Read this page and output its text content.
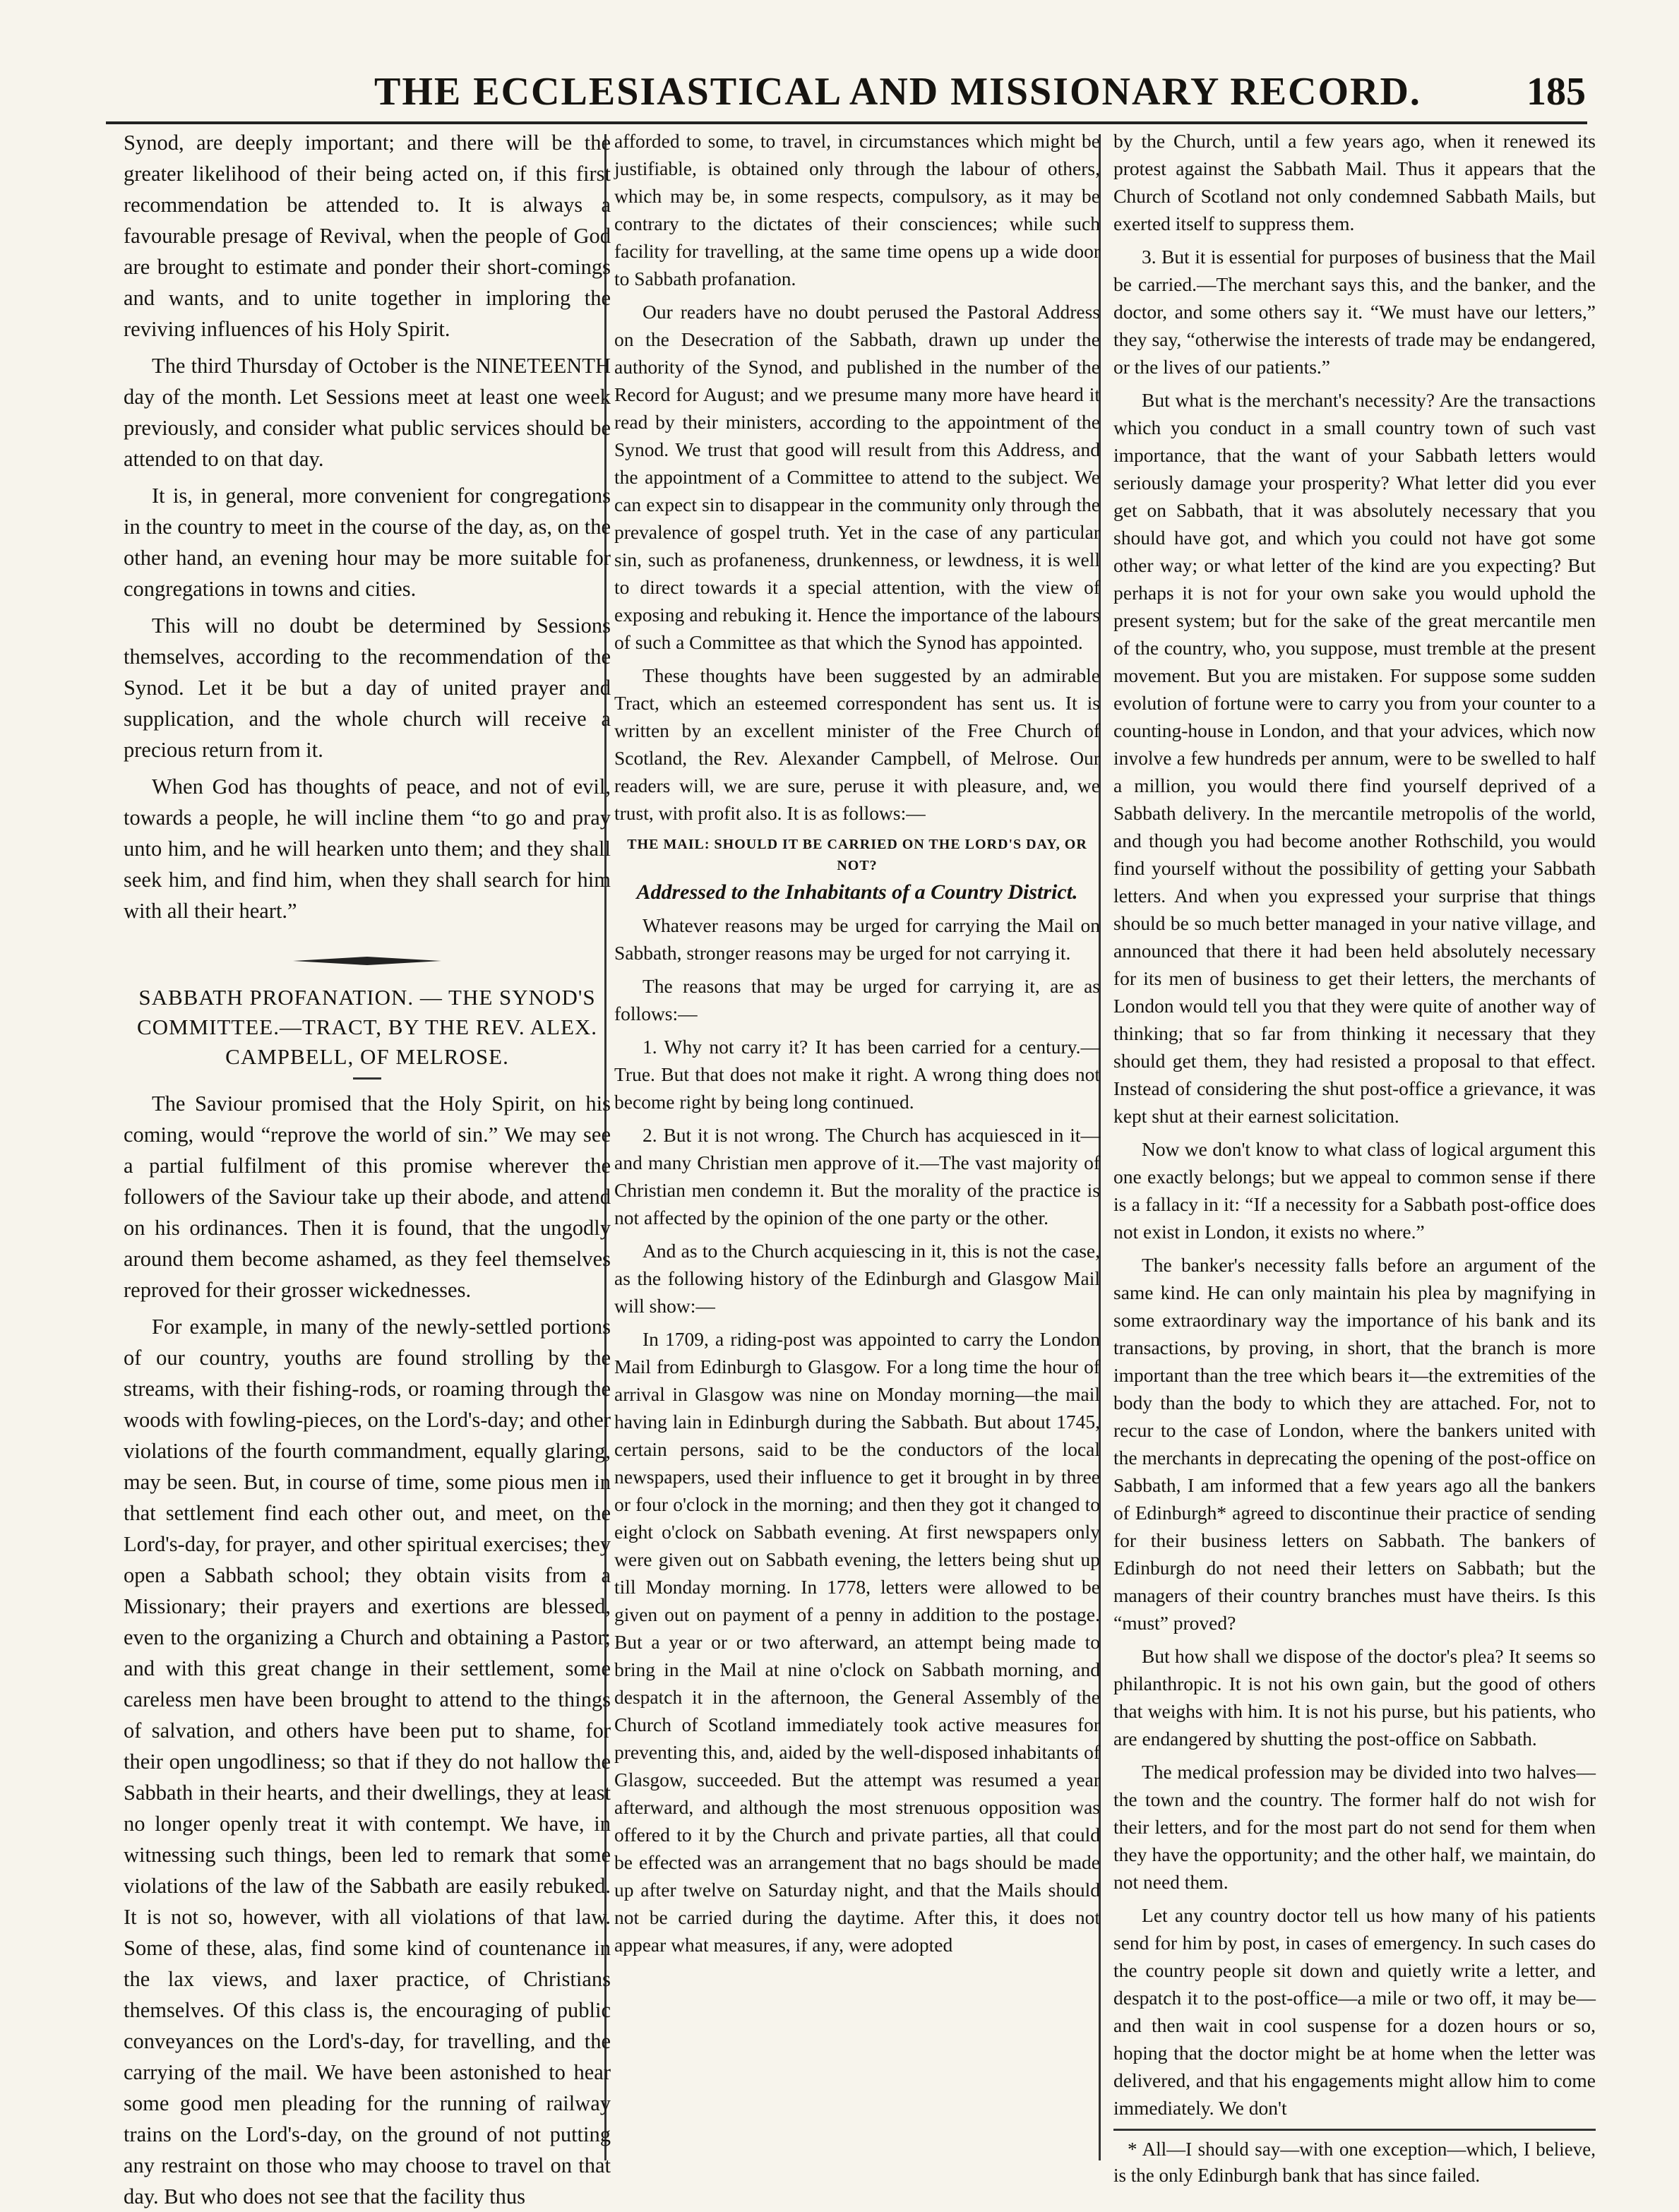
THE ECCLESIASTICAL AND MISSIONARY RECORD.	185

Synod, are deeply important; and there will be the greater likelihood of their being acted on, if this first recommendation be attended to. It is always a favourable presage of Revival, when the people of God are brought to estimate and ponder their short-comings and wants, and to unite together in imploring the reviving influences of his Holy Spirit.

The third Thursday of October is the NINETEENTH day of the month. Let Sessions meet at least one week previously, and consider what public services should be attended to on that day.

It is, in general, more convenient for congregations in the country to meet in the course of the day, as, on the other hand, an evening hour may be more suitable for congregations in towns and cities.

This will no doubt be determined by Sessions themselves, according to the recommendation of the Synod. Let it be but a day of united prayer and supplication, and the whole church will receive a precious return from it.

When God has thoughts of peace, and not of evil, towards a people, he will incline them “to go and pray unto him, and he will hearken unto them; and they shall seek him, and find him, when they shall search for him with all their heart.”

SABBATH PROFANATION. — THE SYNOD'S COMMITTEE.—TRACT, BY THE REV. ALEX. CAMPBELL, OF MELROSE.

The Saviour promised that the Holy Spirit, on his coming, would “reprove the world of sin.” We may see a partial fulfilment of this promise wherever the followers of the Saviour take up their abode, and attend on his ordinances. Then it is found, that the ungodly around them become ashamed, as they feel themselves reproved for their grosser wickednesses.

For example, in many of the newly-settled portions of our country, youths are found strolling by the streams, with their fishing-rods, or roaming through the woods with fowling-pieces, on the Lord's-day; and other violations of the fourth commandment, equally glaring, may be seen. But, in course of time, some pious men in that settlement find each other out, and meet, on the Lord's-day, for prayer, and other spiritual exercises; they open a Sabbath school; they obtain visits from a Missionary; their prayers and exertions are blessed, even to the organizing a Church and obtaining a Pastor; and with this great change in their settlement, some careless men have been brought to attend to the things of salvation, and others have been put to shame, for their open ungodliness; so that if they do not hallow the Sabbath in their hearts, and their dwellings, they at least no longer openly treat it with contempt. We have, in witnessing such things, been led to remark that some violations of the law of the Sabbath are easily rebuked. It is not so, however, with all violations of that law. Some of these, alas, find some kind of countenance in the lax views, and laxer practice, of Christians themselves. Of this class is, the encouraging of public conveyances on the Lord's-day, for travelling, and the carrying of the mail. We have been astonished to hear some good men pleading for the running of railway trains on the Lord's-day, on the ground of not putting any restraint on those who may choose to travel on that day. But who does not see that the facility thus

afforded to some, to travel, in circumstances which might be justifiable, is obtained only through the labour of others, which may be, in some respects, compulsory, as it may be contrary to the dictates of their consciences; while such facility for travelling, at the same time opens up a wide door to Sabbath profanation.

Our readers have no doubt perused the Pastoral Address on the Desecration of the Sabbath, drawn up under the authority of the Synod, and published in the number of the Record for August; and we presume many more have heard it read by their ministers, according to the appointment of the Synod. We trust that good will result from this Address, and the appointment of a Committee to attend to the subject. We can expect sin to disappear in the community only through the prevalence of gospel truth. Yet in the case of any particular sin, such as profaneness, drunkenness, or lewdness, it is well to direct towards it a special attention, with the view of exposing and rebuking it. Hence the importance of the labours of such a Committee as that which the Synod has appointed.

These thoughts have been suggested by an admirable Tract, which an esteemed correspondent has sent us. It is written by an excellent minister of the Free Church of Scotland, the Rev. Alexander Campbell, of Melrose. Our readers will, we are sure, peruse it with pleasure, and, we trust, with profit also. It is as follows:—

THE MAIL: SHOULD IT BE CARRIED ON THE LORD'S DAY, OR NOT?
Addressed to the Inhabitants of a Country District.

Whatever reasons may be urged for carrying the Mail on Sabbath, stronger reasons may be urged for not carrying it.

The reasons that may be urged for carrying it, are as follows:—

1. Why not carry it? It has been carried for a century.—True. But that does not make it right. A wrong thing does not become right by being long continued.

2. But it is not wrong. The Church has acquiesced in it—and many Christian men approve of it.—The vast majority of Christian men condemn it. But the morality of the practice is not affected by the opinion of the one party or the other.

And as to the Church acquiescing in it, this is not the case, as the following history of the Edinburgh and Glasgow Mail will show:—

In 1709, a riding-post was appointed to carry the London Mail from Edinburgh to Glasgow. For a long time the hour of arrival in Glasgow was nine on Monday morning—the mail having lain in Edinburgh during the Sabbath. But about 1745, certain persons, said to be the conductors of the local newspapers, used their influence to get it brought in by three or four o'clock in the morning; and then they got it changed to eight o'clock on Sabbath evening. At first newspapers only were given out on Sabbath evening, the letters being shut up till Monday morning. In 1778, letters were allowed to be given out on payment of a penny in addition to the postage. But a year or or two afterward, an attempt being made to bring in the Mail at nine o'clock on Sabbath morning, and despatch it in the afternoon, the General Assembly of the Church of Scotland immediately took active measures for preventing this, and, aided by the well-disposed inhabitants of Glasgow, succeeded. But the attempt was resumed a year afterward, and although the most strenuous opposition was offered to it by the Church and private parties, all that could be effected was an arrangement that no bags should be made up after twelve on Saturday night, and that the Mails should not be carried during the daytime. After this, it does not appear what measures, if any, were adopted

by the Church, until a few years ago, when it renewed its protest against the Sabbath Mail. Thus it appears that the Church of Scotland not only condemned Sabbath Mails, but exerted itself to suppress them.

3. But it is essential for purposes of business that the Mail be carried.—The merchant says this, and the banker, and the doctor, and some others say it. “We must have our letters,” they say, “otherwise the interests of trade may be endangered, or the lives of our patients.”

But what is the merchant's necessity? Are the transactions which you conduct in a small country town of such vast importance, that the want of your Sabbath letters would seriously damage your prosperity? What letter did you ever get on Sabbath, that it was absolutely necessary that you should have got, and which you could not have got some other way; or what letter of the kind are you expecting? But perhaps it is not for your own sake you would uphold the present system; but for the sake of the great mercantile men of the country, who, you suppose, must tremble at the present movement. But you are mistaken. For suppose some sudden evolution of fortune were to carry you from your counter to a counting-house in London, and that your advices, which now involve a few hundreds per annum, were to be swelled to half a million, you would there find yourself deprived of a Sabbath delivery. In the mercantile metropolis of the world, and though you had become another Rothschild, you would find yourself without the possibility of getting your Sabbath letters. And when you expressed your surprise that things should be so much better managed in your native village, and announced that there it had been held absolutely necessary for its men of business to get their letters, the merchants of London would tell you that they were quite of another way of thinking; that so far from thinking it necessary that they should get them, they had resisted a proposal to that effect. Instead of considering the shut post-office a grievance, it was kept shut at their earnest solicitation.

Now we don't know to what class of logical argument this one exactly belongs; but we appeal to common sense if there is a fallacy in it: “If a necessity for a Sabbath post-office does not exist in London, it exists no where.”

The banker's necessity falls before an argument of the same kind. He can only maintain his plea by magnifying in some extraordinary way the importance of his bank and its transactions, by proving, in short, that the branch is more important than the tree which bears it—the extremities of the body than the body to which they are attached. For, not to recur to the case of London, where the bankers united with the merchants in deprecating the opening of the post-office on Sabbath, I am informed that a few years ago all the bankers of Edinburgh* agreed to discontinue their practice of sending for their business letters on Sabbath. The bankers of Edinburgh do not need their letters on Sabbath; but the managers of their country branches must have theirs. Is this “must” proved?

But how shall we dispose of the doctor's plea? It seems so philanthropic. It is not his own gain, but the good of others that weighs with him. It is not his purse, but his patients, who are endangered by shutting the post-office on Sabbath.

The medical profession may be divided into two halves—the town and the country. The former half do not wish for their letters, and for the most part do not send for them when they have the opportunity; and the other half, we maintain, do not need them.

Let any country doctor tell us how many of his patients send for him by post, in cases of emergency. In such cases do the country people sit down and quietly write a letter, and despatch it to the post-office—a mile or two off, it may be—and then wait in cool suspense for a dozen hours or so, hoping that the doctor might be at home when the letter was delivered, and that his engagements might allow him to come immediately. We don't

* All—I should say—with one exception—which, I believe, is the only Edinburgh bank that has since failed.
